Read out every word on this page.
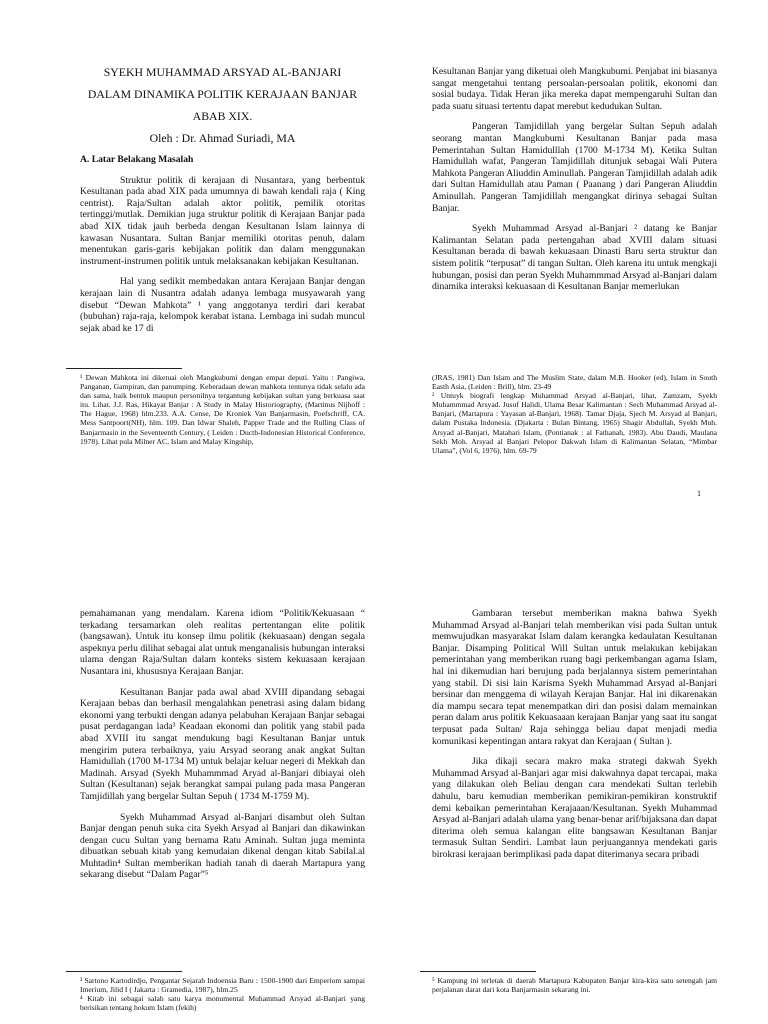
SYEKH MUHAMMAD ARSYAD AL-BANJARI

DALAM DINAMIKA POLITIK KERAJAAN BANJAR

ABAB XIX.

Oleh : Dr. Ahmad Suriadi, MA

A. Latar Belakang Masalah

Struktur politik di kerajaan di Nusantara, yang berbentuk Kesultanan pada abad XIX pada umumnya di bawah kendali raja ( King centrist). Raja/Sultan adalah aktor politik, pemilik otoritas tertinggi/mutlak. Demikian juga struktur politik di Kerajaan Banjar pada abad XIX tidak jauh berbeda dengan Kesultanan Islam lainnya di kawasan Nusantara. Sultan Banjar memiliki otoritas penuh, dalam menentukan garis-garis kebijakan politik dan dalam menggunakan instrument-instrumen politik untuk melaksanakan kebijakan Kesultanan.

Hal yang sedikit membedakan antara Kerajaan Banjar dengan kerajaan lain di Nusantra adalah adanya lembaga musyawarah yang disebut “Dewan Mahkota” ¹ yang anggotanya terdiri dari kerabat (bubuhan) raja-raja, kelompok kerabat istana. Lembaga ini sudah muncul sejak abad ke 17 di

Kesultanan Banjar yang diketuai oleh Mangkubumi. Penjabat ini biasanya sangat mengetahui tentang persoalan-persoalan politik, ekonomi dan sosial budaya. Tidak Heran jika mereka dapat mempengaruhi Sultan dan pada suatu situasi tertentu dapat merebut kedudukan Sultan.

Pangeran Tamjidillah yang bergelar Sultan Sepuh adalah seorang mantan Mangkubumi Kesultanan Banjar pada masa Pemerintahan Sultan Hamidulllah (1700 M-1734 M). Ketika Sultan Hamidullah wafat, Pangeran Tamjidillah ditunjuk sebagai Wali Putera Mahkota Pangeran Aliuddin Aminullah. Pangeran Tamjidillah adalah adik dari Sultan Hamidullah atau Paman ( Paanang ) dari Pangeran Aliuddin Aminullah. Pangeran Tamjidillah mengangkat dirinya sebagai Sultan Banjar.

Syekh Muhammad Arsyad al-Banjari ² datang ke Banjar Kalimantan Selatan pada pertengahan abad XVIII dalam situasi Kesultanan berada di bawah kekuasaan Dinasti Baru serta struktur dan sistem politik “terpusat” di tangan Sultan. Oleh karena itu untuk mengkaji hubungan, posisi dan peran Syekh Muhammmad Arsyad al-Banjari dalam dinamika interaksi kekuasaan di Kesultanan Banjar memerlukan

¹ Dewan Mahkota ini diketuai oleh Mangkubumi dengan empat deputi. Yaitu : Pangiwa, Panganan, Gampiran, dan panumping. Keberadaan dewan mahkota tentunya tidak selalu ada dan sama, baik bentuk maupun personilnya tergantung kebijakan sultan yang berkuasa saat itu. Lihat. J.J. Ras, Hikayat Banjar : A Study in Malay Historiography, (Martinus Nijhoff : The Hague, 1968) hlm.233. A.A. Cense, De Kroniek Van Banjarmasin, Poefschriff, CA. Mess Santpoort(NH), hlm. 109. Dan Idwar Shaleh, Papper Trade and the Rulling Class of Banjarmasin in the Seventeenth Century, ( Leiden : Ducth-Indonesian Historical Conference, 1978). Lihat pula Milner AC, Islam and Malay Kingship,

(JRAS, 1981) Dan Islam and The Muslim State, dalam M.B. Hooker (ed), Islam in South Easth Asia, (Leiden : Brill), hlm. 23-49

² Untuyk biografi lengkap Muhammad Arsyad al-Banjari, lihat, Zamzam, Syekh Muhammmad Arsyad. Jusuf Halidi, Ulama Besar Kalimantan : Sech Muhammad Arsyad al-Banjari, (Martapura : Yayasan al-Banjari, 1968). Tamar Djaja, Sjech M. Arsyad al Banjari, dalam Pustaka Indonesia. (Djakarta : Bulan Bintang, 1965) Shagir Abdullah, Syekh Muh. Arsyad al-Banjari, Matahari Islam, (Pontianak : al Fathanah, 1983). Abu Daudi, Maulana Sekh Moh. Arsyad al Banjari Pelopor Dakwah Islam di Kalimantan Selatan, “Mimbar Ulama”, (Vol 6, 1976), hlm. 69-79

1

pemahamanan yang mendalam. Karena idiom “Politik/Kekuasaan “ terkadang tersamarkan oleh realitas pertentangan elite politik (bangsawan). Untuk itu konsep ilmu politik (kekuasaan) dengan segala aspeknya perlu dilihat sebagai alat untuk menganalisis hubungan interaksi ulama dengan Raja/Sultan dalam konteks sistem kekuasaan kerajaan Nusantara ini, khususnya Kerajaan Banjar.

Kesultanan Banjar pada awal abad XVIII dipandang sebagai Kerajaan bebas dan berhasil mengalahkan penetrasi asing dalam bidang ekonomi yang terbukti dengan adanya pelabuhan Kerajaan Banjar sebagai pusat perdagangan lada³ Keadaan ekonomi dan politik yang stabil pada abad XVIII itu sangat mendukung bagi Kesultanan Banjar untuk mengirim putera terbaiknya, yaiu Arsyad seorang anak angkat Sultan Hamidullah (1700 M-1734 M) untuk belajar keluar negeri di Mekkah dan Madinah. Arsyad (Syekh Muhammmad Aryad al-Banjari dibiayai oleh Sultan (Kesultanan) sejak berangkat sampai pulang pada masa Pangeran Tamjidillah yang bergelar Sultan Sepuh ( 1734 M-1759 M).

Syekh Muhammad Arsyad al-Banjari disambut oleh Sultan Banjar dengan penuh suka cita Syekh Arsyad al Banjari dan dikawinkan dengan cucu Sultan yang bernama Ratu Aminah. Sultan juga meminta dibuatkan sebuah kitab yang kemudaian dikenal dengan kitab Sabilal.al Muhtadin⁴ Sultan memberikan hadiah tanah di daerah Martapura yang sekarang disebut “Dalam Pagar”⁵

Gambaran tersebut memberikan makna bahwa Syekh Muhammad Arsyad al-Banjari telah memberikan visi pada Sultan untuk memwujudkan masyarakat Islam dalam kerangka kedaulatan Kesultanan Banjar. Disamping Political Will Sultan untuk melakukan kebijakan pemerintahan yang memberikan ruang bagi perkembangan agama Islam, hal ini dikemudian hari berujung pada berjalannya sistem pemerintahan yang stabil. Di sisi lain Karisma Syekh Muhammad Arsyad al-Banjari bersinar dan menggema di wilayah Kerajan Banjar. Hal ini dikarenakan dia mampu secara tepat menempatkan diri dan posisi dalam memainkan peran dalam arus politik Kekuasaaan kerajaan Banjar yang saat itu sangat terpusat pada Sultan/ Raja sehingga beliau dapat menjadi media komunikasi kepentingan antara rakyat dan Kerajaan ( Sultan ).

Jika dikaji secara makro maka strategi dakwah Syekh Muhammad Arsyad al-Banjari agar misi dakwahnya dapat tercapai, maka yang dilakukan oleh Beliau dengan cara mendekati Sultan terlebih dahulu, baru kemudian memberikan pemikiran-pemikiran konstruktif demi kebaikan pemerintahan Kerajaaan/Kesultanan. Syekh Muhammad Arsyad al-Banjari adalah ulama yang benar-benar arif/bijaksana dan dapat diterima oleh semua kalangan elite bangsawan Kesultanan Banjar termasuk Sultan Sendiri. Lambat laun perjuangannya mendekati garis birokrasi kerajaan berimplikasi pada dapat diterimanya secara pribadi

³ Sartono Kartodirdjo, Pengantar Sejarah Indoensia Baru : 1500-1900 dari Emperiom sampai Imerium, Jilid I ( Jakarta : Gramedia, 1987), hlm.25

⁴ Kitab ini sebagai salah satu karya monumental Muhammad Arsyad al-Banjari yang berisikan tentang hokum Islam (fekih)

⁵ Kampung ini terletak di daerah Martapura Kabupaten Banjar kira-kira satu setengah jam perjalanan darat dari kota Banjarmasin sekarang ini.
